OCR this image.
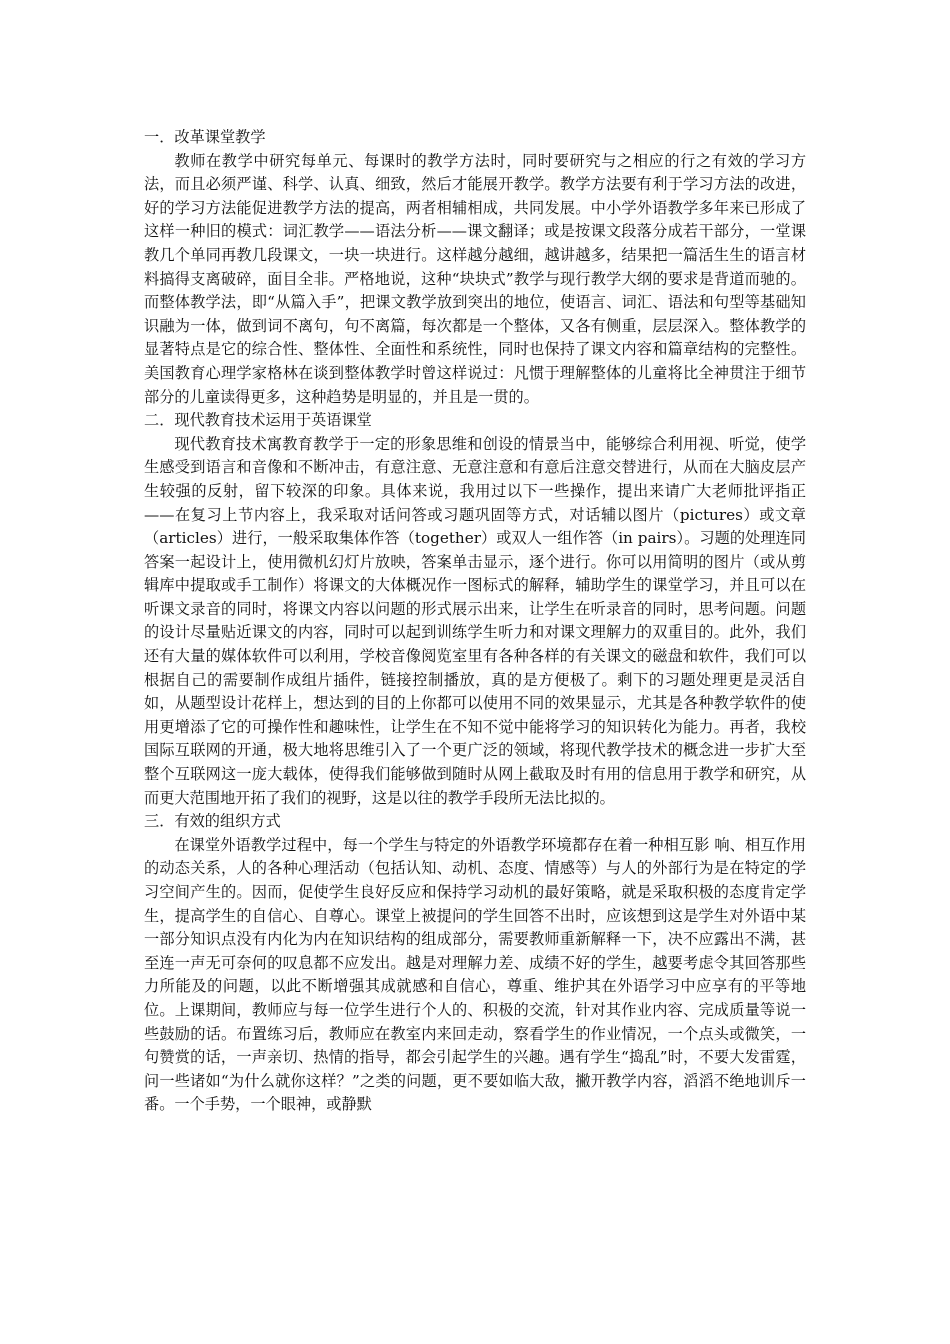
一．改革课堂教学

教师在教学中研究每单元、每课时的教学方法时，同时要研究与之相应的行之有效的学习方法，而且必须严谨、科学、认真、细致，然后才能展开教学。教学方法要有利于学习方法的改进，好的学习方法能促进教学方法的提高，两者相辅相成，共同发展。中小学外语教学多年来已形成了这样一种旧的模式：词汇教学——语法分析——课文翻译；或是按课文段落分成若干部分，一堂课教几个单同再教几段课文，一块一块进行。这样越分越细，越讲越多，结果把一篇活生生的语言材料搞得支离破碎，面目全非。严格地说，这种“块块式”教学与现行教学大纲的要求是背道而驰的。而整体教学法，即“从篇入手”，把课文教学放到突出的地位，使语言、词汇、语法和句型等基础知识融为一体，做到词不离句，句不离篇，每次都是一个整体，又各有侧重，层层深入。整体教学的显著特点是它的综合性、整体性、全面性和系统性，同时也保持了课文内容和篇章结构的完整性。美国教育心理学家格林在谈到整体教学时曾这样说过：凡惯于理解整体的儿童将比全神贯注于细节部分的儿童读得更多，这种趋势是明显的，并且是一贯的。

二．现代教育技术运用于英语课堂

现代教育技术寓教育教学于一定的形象思维和创设的情景当中，能够综合利用视、听觉，使学生感受到语言和音像和不断冲击，有意注意、无意注意和有意后注意交替进行，从而在大脑皮层产生较强的反射，留下较深的印象。具体来说，我用过以下一些操作，提出来请广大老师批评指正——在复习上节内容上，我采取对话问答或习题巩固等方式，对话辅以图片（pictures）或文章（articles）进行，一般采取集体作答（together）或双人一组作答（in pairs）。习题的处理连同答案一起设计上，使用微机幻灯片放映，答案单击显示，逐个进行。你可以用简明的图片（或从剪辑库中提取或手工制作）将课文的大体概况作一图标式的解释，辅助学生的课堂学习，并且可以在听课文录音的同时，将课文内容以问题的形式展示出来，让学生在听录音的同时，思考问题。问题的设计尽量贴近课文的内容，同时可以起到训练学生听力和对课文理解力的双重目的。此外，我们还有大量的媒体软件可以利用，学校音像阅览室里有各种各样的有关课文的磁盘和软件，我们可以根据自己的需要制作成组片插件，链接控制播放，真的是方便极了。剩下的习题处理更是灵活自如，从题型设计花样上，想达到的目的上你都可以使用不同的效果显示，尤其是各种教学软件的使用更增添了它的可操作性和趣味性，让学生在不知不觉中能将学习的知识转化为能力。再者，我校国际互联网的开通，极大地将思维引入了一个更广泛的领域，将现代教学技术的概念进一步扩大至整个互联网这一庞大载体，使得我们能够做到随时从网上截取及时有用的信息用于教学和研究，从而更大范围地开拓了我们的视野，这是以往的教学手段所无法比拟的。

三．有效的组织方式

在课堂外语教学过程中，每一个学生与特定的外语教学环境都存在着一种相互影 响、相互作用的动态关系，人的各种心理活动（包括认知、动机、态度、情感等）与人的外部行为是在特定的学习空间产生的。因而，促使学生良好反应和保持学习动机的最好策略，就是采取积极的态度肯定学生，提高学生的自信心、自尊心。课堂上被提问的学生回答不出时，应该想到这是学生对外语中某一部分知识点没有内化为内在知识结构的组成部分，需要教师重新解释一下，决不应露出不满，甚至连一声无可奈何的叹息都不应发出。越是对理解力差、成绩不好的学生，越要考虑令其回答那些力所能及的问题，以此不断增强其成就感和自信心，尊重、维护其在外语学习中应享有的平等地位。上课期间，教师应与每一位学生进行个人的、积极的交流，针对其作业内容、完成质量等说一些鼓励的话。布置练习后，教师应在教室内来回走动，察看学生的作业情况，一个点头或微笑，一句赞赏的话，一声亲切、热情的指导，都会引起学生的兴趣。遇有学生“捣乱”时，不要大发雷霆，问一些诸如“为什么就你这样？”之类的问题，更不要如临大敌，撇开教学内容，滔滔不绝地训斥一番。一个手势，一个眼神，或静默
